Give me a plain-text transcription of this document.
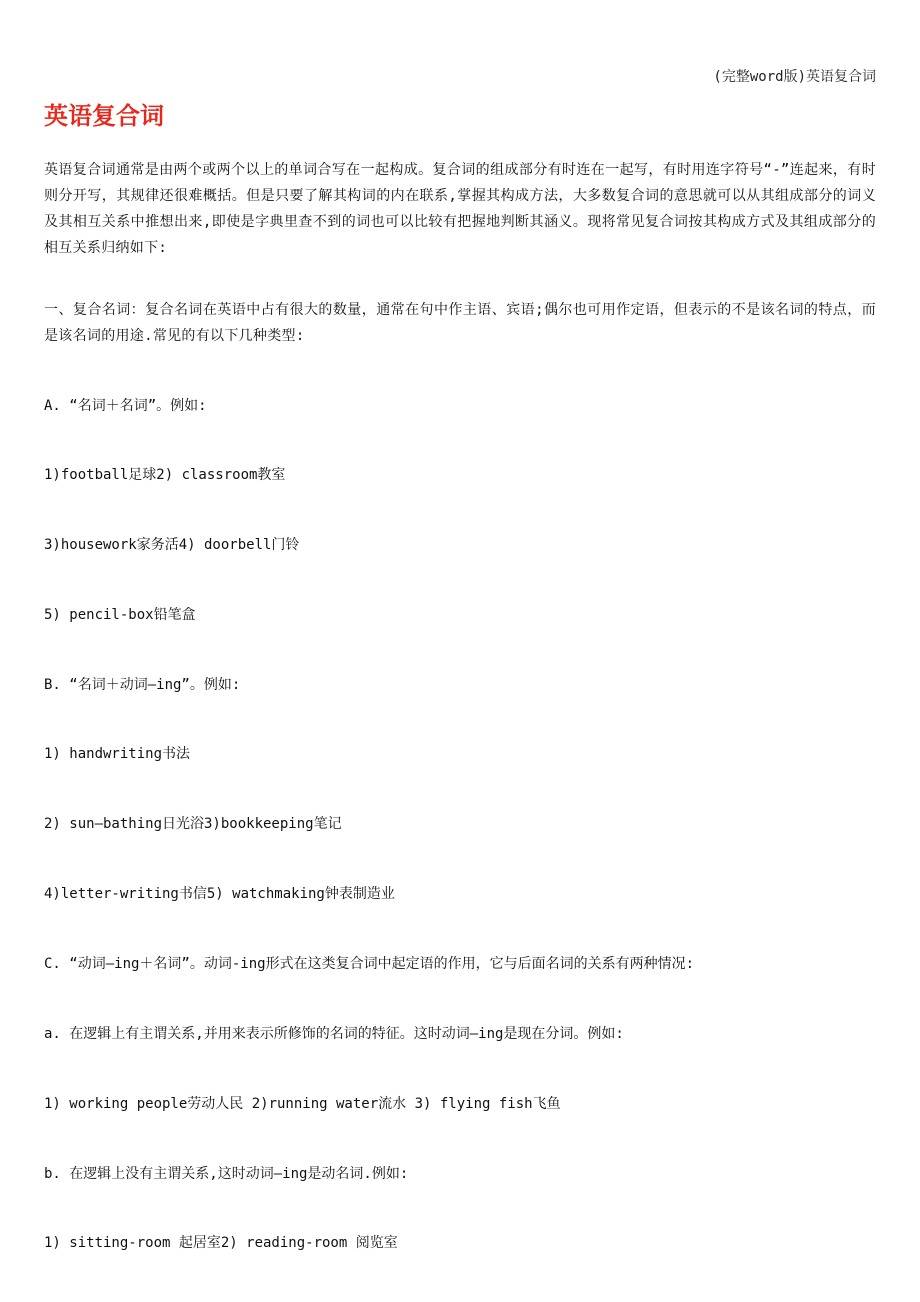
(完整word版)英语复合词
英语复合词
英语复合词通常是由两个或两个以上的单词合写在一起构成。复合词的组成部分有时连在一起写，有时用连字符号“-”连起来，有时则分开写，其规律还很难概括。但是只要了解其构词的内在联系,掌握其构成方法，大多数复合词的意思就可以从其组成部分的词义及其相互关系中推想出来,即使是字典里查不到的词也可以比较有把握地判断其涵义。现将常见复合词按其构成方式及其组成部分的相互关系归纳如下:
一、复合名词：复合名词在英语中占有很大的数量，通常在句中作主语、宾语;偶尔也可用作定语，但表示的不是该名词的特点，而是该名词的用途.常见的有以下几种类型:
A. “名词＋名词”。例如:
1)football足球2) classroom教室
3)housework家务活4) doorbell门铃
5) pencil-box铅笔盒
B. “名词＋动词—ing”。例如:
1) handwriting书法
2) sun—bathing日光浴3)bookkeeping笔记
4)letter-writing书信5) watchmaking钟表制造业
C. “动词—ing＋名词”。动词-ing形式在这类复合词中起定语的作用，它与后面名词的关系有两种情况:
a. 在逻辑上有主谓关系,并用来表示所修饰的名词的特征。这时动词—ing是现在分词。例如:
1) working people劳动人民 2)running water流水 3) flying fish飞鱼
b. 在逻辑上没有主谓关系,这时动词—ing是动名词.例如:
1) sitting-room 起居室2) reading-room 阅览室
